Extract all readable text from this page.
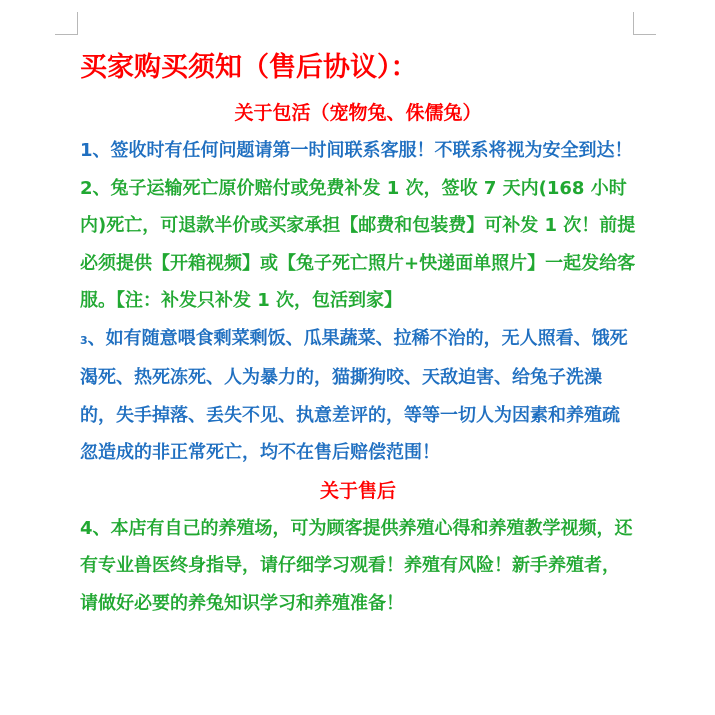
买家购买须知（售后协议）：
关于包活（宠物兔、侏儒兔）

1、签收时有任何问题请第一时间联系客服！不联系将视为安全到达！

2、兔子运输死亡原价赔付或免费补发 1 次，签收 7 天内(168 小时内)死亡，可退款半价或买家承担【邮费和包装费】可补发 1 次！前提必须提供【开箱视频】或【兔子死亡照片+快递面单照片】一起发给客服。【注：补发只补发 1 次，包活到家】

3、如有随意喂食剩菜剩饭、瓜果蔬菜、拉稀不治的，无人照看、饿死渴死、热死冻死、人为暴力的，猫撕狗咬、天敌迫害、给兔子洗澡的，失手掉落、丢失不见、执意差评的，等等一切人为因素和养殖疏忽造成的非正常死亡，均不在售后赔偿范围！

关于售后

4、本店有自己的养殖场，可为顾客提供养殖心得和养殖教学视频，还有专业兽医终身指导，请仔细学习观看！养殖有风险！新手养殖者，请做好必要的养兔知识学习和养殖准备！
